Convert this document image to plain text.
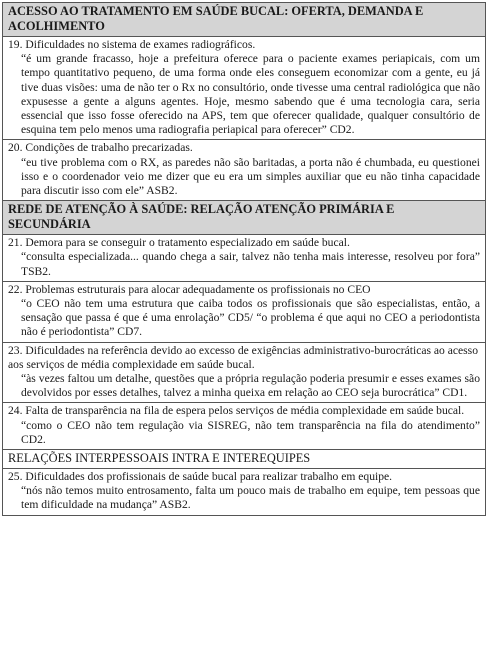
ACESSO AO TRATAMENTO EM SAÚDE BUCAL: OFERTA, DEMANDA E ACOLHIMENTO

19. Dificuldades no sistema de exames radiográficos.
“é um grande fracasso, hoje a prefeitura oferece para o paciente exames periapicais, com um tempo quantitativo pequeno, de uma forma onde eles conseguem economizar com a gente, eu já tive duas visões: uma de não ter o Rx no consultório, onde tivesse uma central radiológica que não expusesse a gente a alguns agentes. Hoje, mesmo sabendo que é uma tecnologia cara, seria essencial que isso fosse oferecido na APS, tem que oferecer qualidade, qualquer consultório de esquina tem pelo menos uma radiografia periapical para oferecer” CD2.

20. Condições de trabalho precarizadas.
“eu tive problema com o RX, as paredes não são baritadas, a porta não é chumbada, eu questionei isso e o coordenador veio me dizer que eu era um simples auxiliar que eu não tinha capacidade para discutir isso com ele” ASB2.

REDE DE ATENÇÃO À SAÚDE: RELAÇÃO ATENÇÃO PRIMÁRIA E SECUNDÁRIA

21. Demora para se conseguir o tratamento especializado em saúde bucal.
“consulta especializada... quando chega a sair, talvez não tenha mais interesse, resolveu por fora” TSB2.

22. Problemas estruturais para alocar adequadamente os profissionais no CEO
“o CEO não tem uma estrutura que caiba todos os profissionais que são especialistas, então, a sensação que passa é que é uma enrolação” CD5/ “o problema é que aqui no CEO a periodontista não é periodontista” CD7.

23. Dificuldades na referência devido ao excesso de exigências administrativo-burocráticas ao acesso aos serviços de média complexidade em saúde bucal.
“às vezes faltou um detalhe, questões que a própria regulação poderia presumir e esses exames são devolvidos por esses detalhes, talvez a minha queixa em relação ao CEO seja burocrática” CD1.

24. Falta de transparência na fila de espera pelos serviços de média complexidade em saúde bucal.
“como o CEO não tem regulação via SISREG, não tem transparência na fila do atendimento” CD2.

RELAÇÕES INTERPESSOAIS INTRA E INTEREQUIPES

25. Dificuldades dos profissionais de saúde bucal para realizar trabalho em equipe.
“nós não temos muito entrosamento, falta um pouco mais de trabalho em equipe, tem pessoas que tem dificuldade na mudança” ASB2.
